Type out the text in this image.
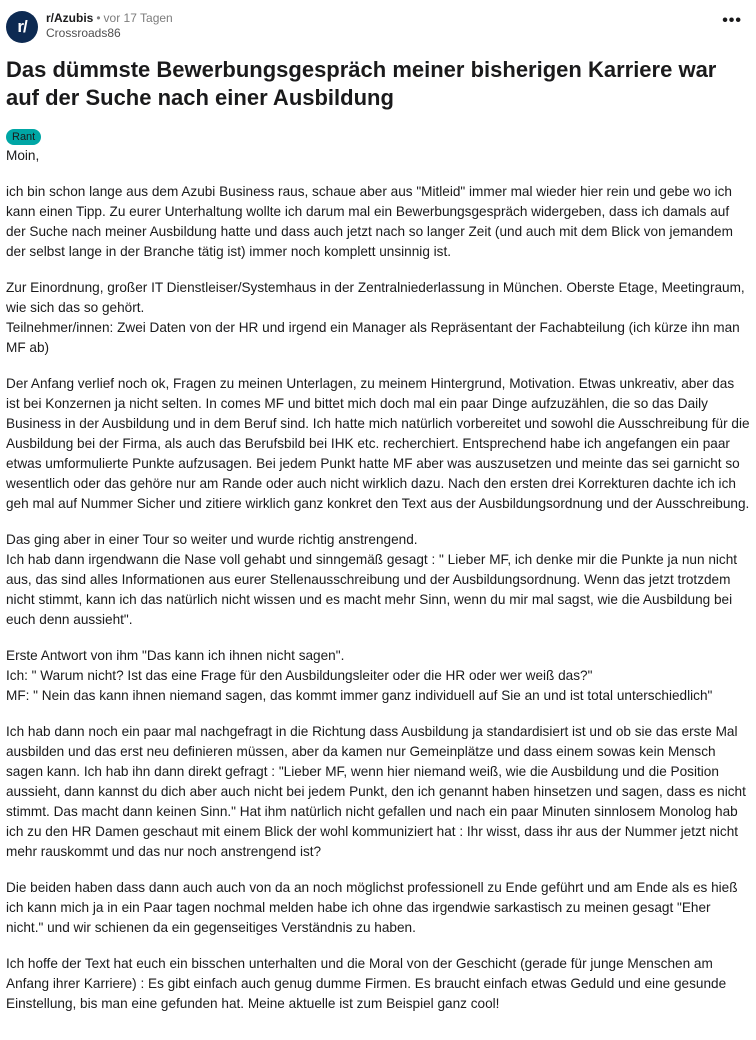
r/	r/Azubis • vor 17 Tagen
Crossroads86
•••
Das dümmste Bewerbungsgespräch meiner bisherigen Karriere war auf der Suche nach einer Ausbildung
Rant

Moin,

ich bin schon lange aus dem Azubi Business raus, schaue aber aus "Mitleid" immer mal wieder hier rein und gebe wo ich kann einen Tipp. Zu eurer Unterhaltung wollte ich darum mal ein Bewerbungsgespräch widergeben, dass ich damals auf der Suche nach meiner Ausbildung hatte und dass auch jetzt nach so langer Zeit (und auch mit dem Blick von jemandem der selbst lange in der Branche tätig ist) immer noch komplett unsinnig ist.

Zur Einordnung, großer IT Dienstleiser/Systemhaus in der Zentralniederlassung in München. Oberste Etage, Meetingraum, wie sich das so gehört.
Teilnehmer/innen: Zwei Daten von der HR und irgend ein Manager als Repräsentant der Fachabteilung (ich kürze ihn man MF ab)

Der Anfang verlief noch ok, Fragen zu meinen Unterlagen, zu meinem Hintergrund, Motivation. Etwas unkreativ, aber das ist bei Konzernen ja nicht selten. In comes MF und bittet mich doch mal ein paar Dinge aufzuzählen, die so das Daily Business in der Ausbildung und in dem Beruf sind. Ich hatte mich natürlich vorbereitet und sowohl die Ausschreibung für die Ausbildung bei der Firma, als auch das Berufsbild bei IHK etc. recherchiert. Entsprechend habe ich angefangen ein paar etwas umformulierte Punkte aufzusagen. Bei jedem Punkt hatte MF aber was auszusetzen und meinte das sei garnicht so wesentlich oder das gehöre nur am Rande oder auch nicht wirklich dazu. Nach den ersten drei Korrekturen dachte ich ich geh mal auf Nummer Sicher und zitiere wirklich ganz konkret den Text aus der Ausbildungsordnung und der Ausschreibung.

Das ging aber in einer Tour so weiter und wurde richtig anstrengend.
Ich hab dann irgendwann die Nase voll gehabt und sinngemäß gesagt : " Lieber MF, ich denke mir die Punkte ja nun nicht aus, das sind alles Informationen aus eurer Stellenausschreibung und der Ausbildungsordnung. Wenn das jetzt trotzdem nicht stimmt, kann ich das natürlich nicht wissen und es macht mehr Sinn, wenn du mir mal sagst, wie die Ausbildung bei euch denn aussieht".

Erste Antwort von ihm "Das kann ich ihnen nicht sagen".
Ich: " Warum nicht? Ist das eine Frage für den Ausbildungsleiter oder die HR oder wer weiß das?"
MF: " Nein das kann ihnen niemand sagen, das kommt immer ganz individuell auf Sie an und ist total unterschiedlich"

Ich hab dann noch ein paar mal nachgefragt in die Richtung dass Ausbildung ja standardisiert ist und ob sie das erste Mal ausbilden und das erst neu definieren müssen, aber da kamen nur Gemeinplätze und dass einem sowas kein Mensch sagen kann. Ich hab ihn dann direkt gefragt : "Lieber MF, wenn hier niemand weiß, wie die Ausbildung und die Position aussieht, dann kannst du dich aber auch nicht bei jedem Punkt, den ich genannt haben hinsetzen und sagen, dass es nicht stimmt. Das macht dann keinen Sinn." Hat ihm natürlich nicht gefallen und nach ein paar Minuten sinnlosem Monolog hab ich zu den HR Damen geschaut mit einem Blick der wohl kommuniziert hat : Ihr wisst, dass ihr aus der Nummer jetzt nicht mehr rauskommt und das nur noch anstrengend ist?

Die beiden haben dass dann auch auch von da an noch möglichst professionell zu Ende geführt und am Ende als es hieß ich kann mich ja in ein Paar tagen nochmal melden habe ich ohne das irgendwie sarkastisch zu meinen gesagt "Eher nicht." und wir schienen da ein gegenseitiges Verständnis zu haben.

Ich hoffe der Text hat euch ein bisschen unterhalten und die Moral von der Geschicht (gerade für junge Menschen am Anfang ihrer Karriere) : Es gibt einfach auch genug dumme Firmen. Es braucht einfach etwas Geduld und eine gesunde Einstellung, bis man eine gefunden hat. Meine aktuelle ist zum Beispiel ganz cool!
